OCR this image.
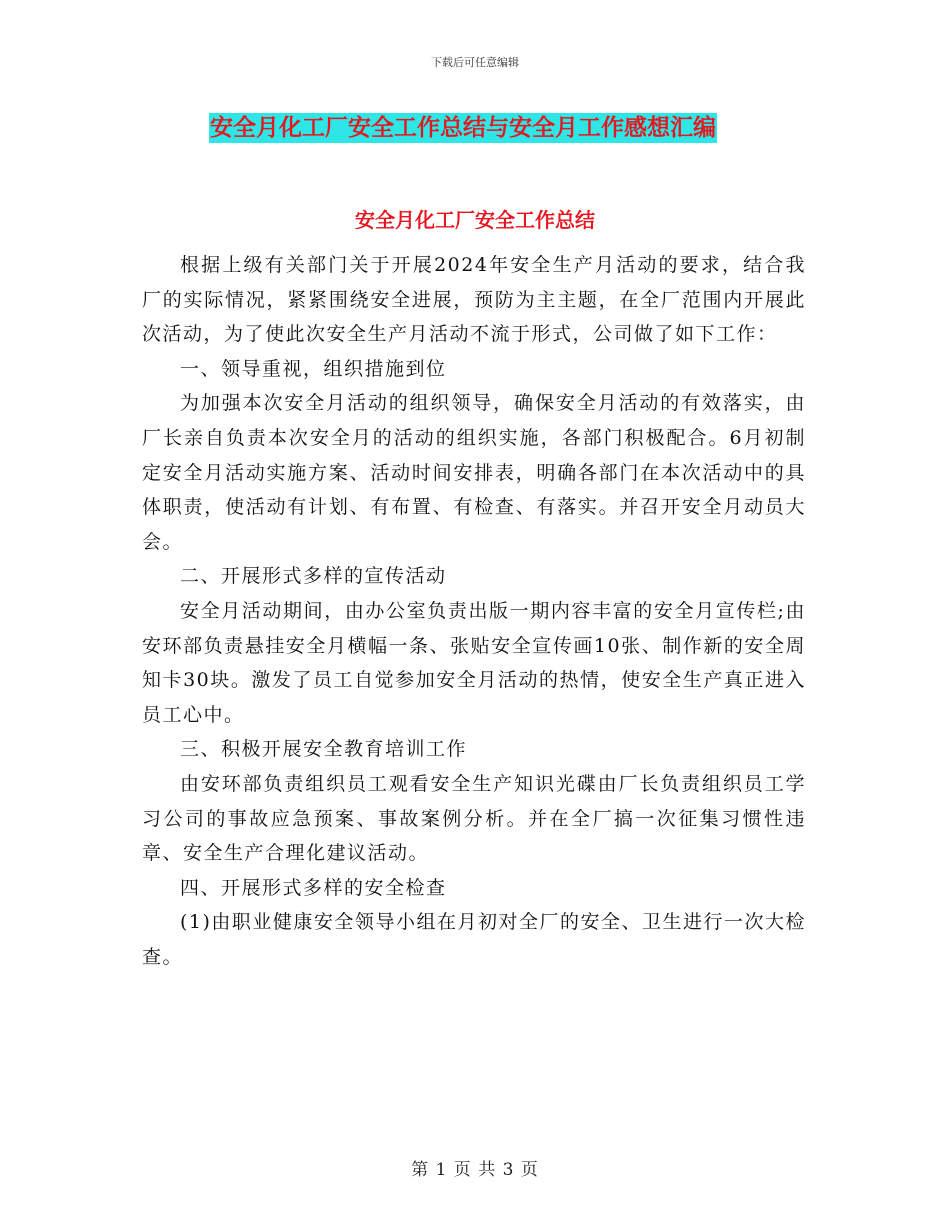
下载后可任意编辑
安全月化工厂安全工作总结与安全月工作感想汇编
安全月化工厂安全工作总结

根据上级有关部门关于开展2024年安全生产月活动的要求，结合我厂的实际情况，紧紧围绕安全进展，预防为主主题，在全厂范围内开展此次活动，为了使此次安全生产月活动不流于形式，公司做了如下工作：

一、领导重视，组织措施到位

为加强本次安全月活动的组织领导，确保安全月活动的有效落实，由厂长亲自负责本次安全月的活动的组织实施，各部门积极配合。6月初制定安全月活动实施方案、活动时间安排表，明确各部门在本次活动中的具体职责，使活动有计划、有布置、有检查、有落实。并召开安全月动员大会。

二、开展形式多样的宣传活动

安全月活动期间，由办公室负责出版一期内容丰富的安全月宣传栏;由安环部负责悬挂安全月横幅一条、张贴安全宣传画10张、制作新的安全周知卡30块。激发了员工自觉参加安全月活动的热情，使安全生产真正进入员工心中。

三、积极开展安全教育培训工作

由安环部负责组织员工观看安全生产知识光碟由厂长负责组织员工学习公司的事故应急预案、事故案例分析。并在全厂搞一次征集习惯性违章、安全生产合理化建议活动。

四、开展形式多样的安全检查

(1)由职业健康安全领导小组在月初对全厂的安全、卫生进行一次大检查。

第 1 页 共 3 页
